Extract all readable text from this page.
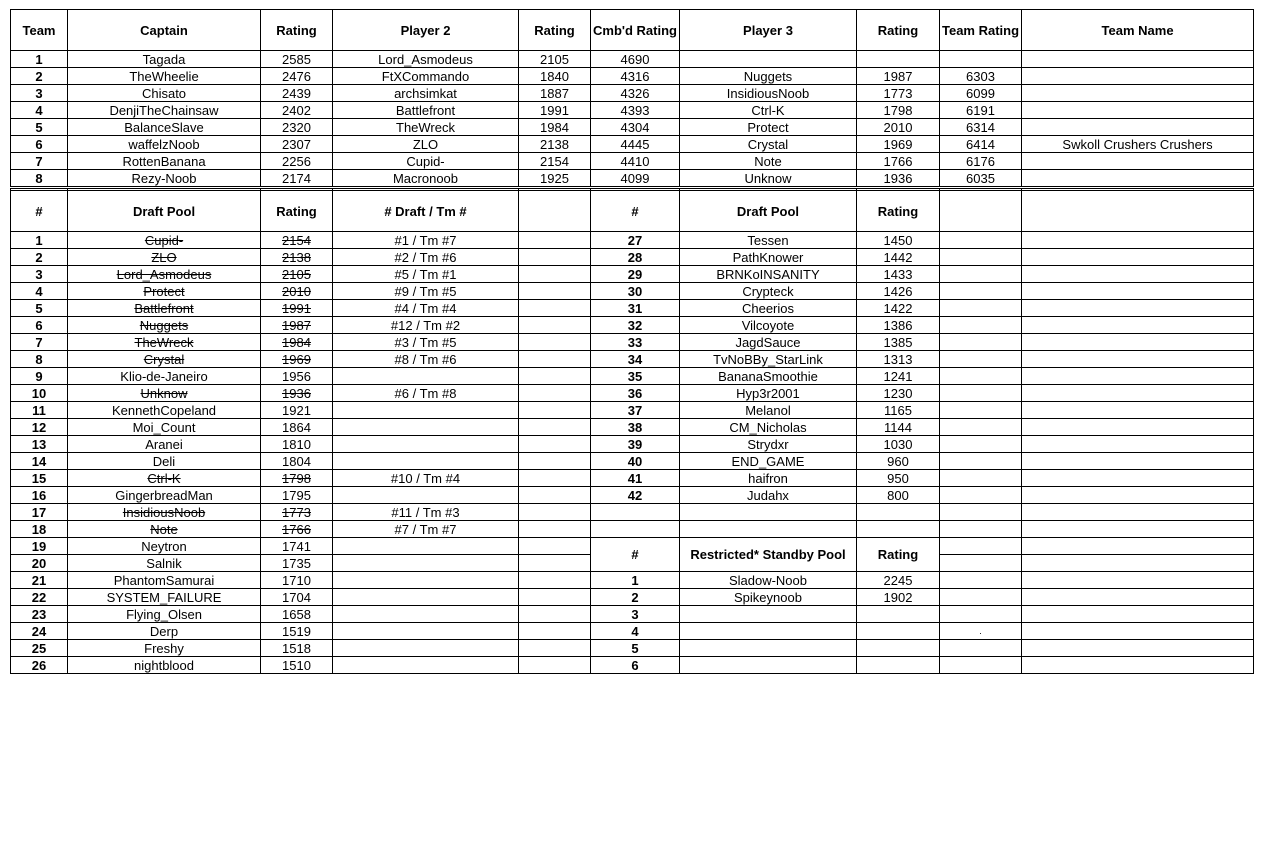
Team	Captain	Rating	Player 2	Rating	Cmb'd Rating	Player 3	Rating	Team Rating	Team Name
1	Tagada	2585	Lord_Asmodeus	2105	4690				
2	TheWheelie	2476	FtXCommando	1840	4316	Nuggets	1987	6303	
3	Chisato	2439	archsimkat	1887	4326	InsidiousNoob	1773	6099	
4	DenjiTheChainsaw	2402	Battlefront	1991	4393	Ctrl-K	1798	6191	
5	BalanceSlave	2320	TheWreck	1984	4304	Protect	2010	6314	
6	waffelzNoob	2307	ZLO	2138	4445	Crystal	1969	6414	Swkoll Crushers Crushers
7	RottenBanana	2256	Cupid-	2154	4410	Note	1766	6176	
8	Rezy-Noob	2174	Macronoob	1925	4099	Unknow	1936	6035	

#	Draft Pool	Rating	# Draft / Tm #		#	Draft Pool	Rating		
1	Cupid-	2154	#1 / Tm #7		27	Tessen	1450		
2	ZLO	2138	#2 / Tm #6		28	PathKnower	1442		
3	Lord_Asmodeus	2105	#5 / Tm #1		29	BRNKoINSANITY	1433		
4	Protect	2010	#9 / Tm #5		30	Crypteck	1426		
5	Battlefront	1991	#4 / Tm #4		31	Cheerios	1422		
6	Nuggets	1987	#12 / Tm #2		32	Vilcoyote	1386		
7	TheWreck	1984	#3 / Tm #5		33	JagdSauce	1385		
8	Crystal	1969	#8 / Tm #6		34	TvNoBBy_StarLink	1313		
9	Klio-de-Janeiro	1956			35	BananaSmoothie	1241		
10	Unknow	1936	#6 / Tm #8		36	Hyp3r2001	1230		
11	KennethCopeland	1921			37	Melanol	1165		
12	Moi_Count	1864			38	CM_Nicholas	1144		
13	Aranei	1810			39	Strydxr	1030		
14	Deli	1804			40	END_GAME	960		
15	Ctrl-K	1798	#10 / Tm #4		41	haifron	950		
16	GingerbreadMan	1795			42	Judahx	800		
17	InsidiousNoob	1773	#11 / Tm #3						
18	Note	1766	#7 / Tm #7						
19	Neytron	1741			#	Restricted* Standby Pool	Rating		
20	Salnik	1735							
21	PhantomSamurai	1710			1	Sladow-Noob	2245		
22	SYSTEM_FAILURE	1704			2	Spikeynoob	1902		
23	Flying_Olsen	1658			3				
24	Derp	1519			4			.	
25	Freshy	1518			5				
26	nightblood	1510			6				
